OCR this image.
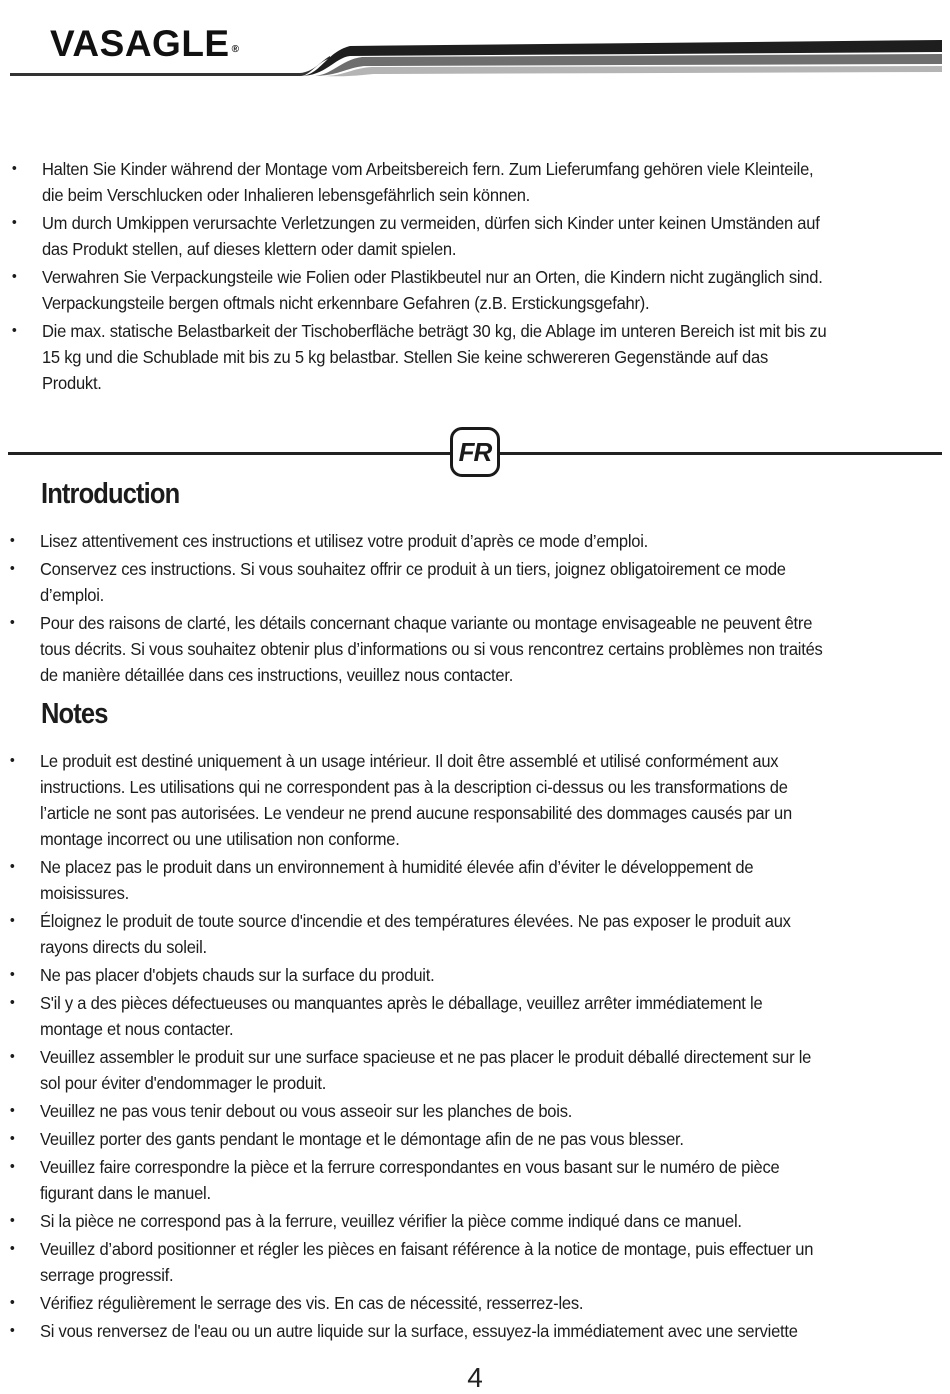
VASAGLE ®
• Halten Sie Kinder während der Montage vom Arbeitsbereich fern. Zum Lieferumfang gehören viele Kleinteile,
die beim Verschlucken oder Inhalieren lebensgefährlich sein können.
• Um durch Umkippen verursachte Verletzungen zu vermeiden, dürfen sich Kinder unter keinen Umständen auf
das Produkt stellen, auf dieses klettern oder damit spielen.
• Verwahren Sie Verpackungsteile wie Folien oder Plastikbeutel nur an Orten, die Kindern nicht zugänglich sind.
Verpackungsteile bergen oftmals nicht erkennbare Gefahren (z.B. Erstickungsgefahr).
• Die max. statische Belastbarkeit der Tischoberfläche beträgt 30 kg, die Ablage im unteren Bereich ist mit bis zu
15 kg und die Schublade mit bis zu 5 kg belastbar. Stellen Sie keine schwereren Gegenstände auf das
Produkt.
FR
Introduction
• Lisez attentivement ces instructions et utilisez votre produit d’après ce mode d’emploi.
• Conservez ces instructions. Si vous souhaitez offrir ce produit à un tiers, joignez obligatoirement ce mode
d’emploi.
• Pour des raisons de clarté, les détails concernant chaque variante ou montage envisageable ne peuvent être
tous décrits. Si vous souhaitez obtenir plus d’informations ou si vous rencontrez certains problèmes non traités
de manière détaillée dans ces instructions, veuillez nous contacter.
Notes
• Le produit est destiné uniquement à un usage intérieur. Il doit être assemblé et utilisé conformément aux
instructions. Les utilisations qui ne correspondent pas à la description ci-dessus ou les transformations de
l’article ne sont pas autorisées. Le vendeur ne prend aucune responsabilité des dommages causés par un
montage incorrect ou une utilisation non conforme.
• Ne placez pas le produit dans un environnement à humidité élevée afin d’éviter le développement de
moisissures.
• Éloignez le produit de toute source d'incendie et des températures élevées. Ne pas exposer le produit aux
rayons directs du soleil.
• Ne pas placer d'objets chauds sur la surface du produit.
• S'il y a des pièces défectueuses ou manquantes après le déballage, veuillez arrêter immédiatement le
montage et nous contacter.
• Veuillez assembler le produit sur une surface spacieuse et ne pas placer le produit déballé directement sur le
sol pour éviter d'endommager le produit.
• Veuillez ne pas vous tenir debout ou vous asseoir sur les planches de bois.
• Veuillez porter des gants pendant le montage et le démontage afin de ne pas vous blesser.
• Veuillez faire correspondre la pièce et la ferrure correspondantes en vous basant sur le numéro de pièce
figurant dans le manuel.
• Si la pièce ne correspond pas à la ferrure, veuillez vérifier la pièce comme indiqué dans ce manuel.
• Veuillez d’abord positionner et régler les pièces en faisant référence à la notice de montage, puis effectuer un
serrage progressif.
• Vérifiez régulièrement le serrage des vis. En cas de nécessité, resserrez-les.
• Si vous renversez de l'eau ou un autre liquide sur la surface, essuyez-la immédiatement avec une serviette
4
